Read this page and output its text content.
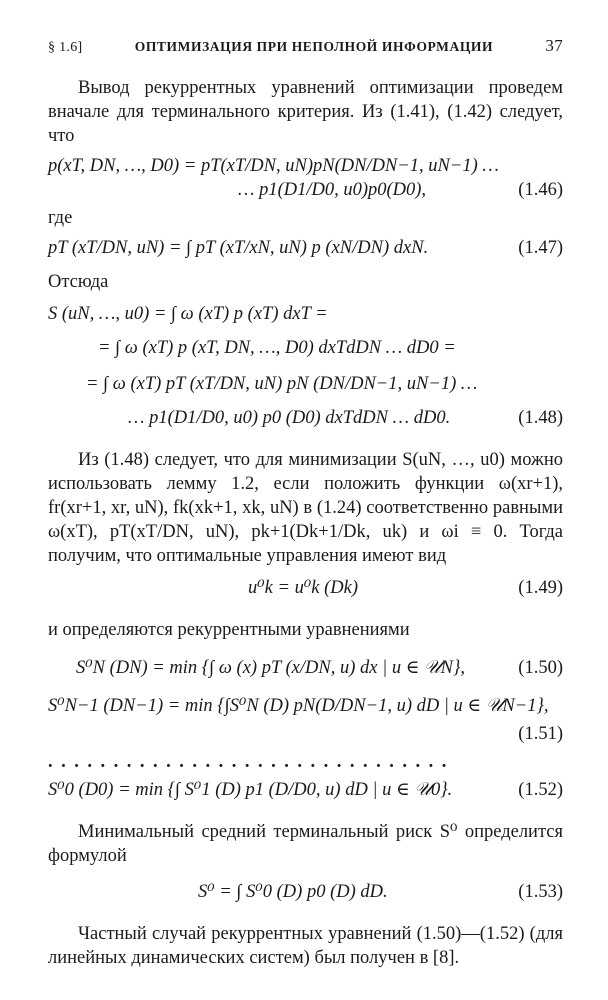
§ 1.6]	ОПТИМИЗАЦИЯ ПРИ НЕПОЛНОЙ ИНФОРМАЦИИ	37

Вывод рекуррентных уравнений оптимизации проведем вначале для терминального критерия. Из (1.41), (1.42) следует, что

p(xT, DN, …, D0) = pT(xT/DN, uN)pN(DN/DN−1, uN−1) …
… p1(D1/D0, u0)p0(D0),	(1.46)

где

pT (xT/DN, uN) = ∫ pT (xT/xN, uN) p (xN/DN) dxN.	(1.47)

Отсюда

S (uN, …, u0) = ∫ ω (xT) p (xT) dxT =
= ∫ ω (xT) p (xT, DN, …, D0) dxTdDN … dD0 =
= ∫ ω (xT) pT (xT/DN, uN) pN (DN/DN−1, uN−1) …
… p1(D1/D0, u0) p0 (D0) dxTdDN … dD0.	(1.48)

Из (1.48) следует, что для минимизации S(uN, …, u0) можно использовать лемму 1.2, если положить функции ω(xr+1), fr(xr+1, xr, uN), fk(xk+1, xk, uN) в (1.24) соответственно равными ω(xT), pT(xT/DN, uN), pk+1(Dk+1/Dk, uk) и ωi ≡ 0. Тогда получим, что оптимальные управления имеют вид

u⁰k = u⁰k (Dk)	(1.49)

и определяются рекуррентными уравнениями

S⁰N (DN) = min {∫ ω (x) pT (x/DN, u) dx | u ∈ 𝒰N},	(1.50)
S⁰N−1 (DN−1) = min {∫S⁰N (D) pN(D/DN−1, u) dD | u ∈ 𝒰N−1},
(1.51)
...............................
S⁰0 (D0) = min {∫ S⁰1 (D) p1 (D/D0, u) dD | u ∈ 𝒰0}.	(1.52)

Минимальный средний терминальный риск S⁰ определится формулой

S⁰ = ∫ S⁰0 (D) p0 (D) dD.	(1.53)

Частный случай рекуррентных уравнений (1.50)—(1.52) (для линейных динамических систем) был получен в [8].
